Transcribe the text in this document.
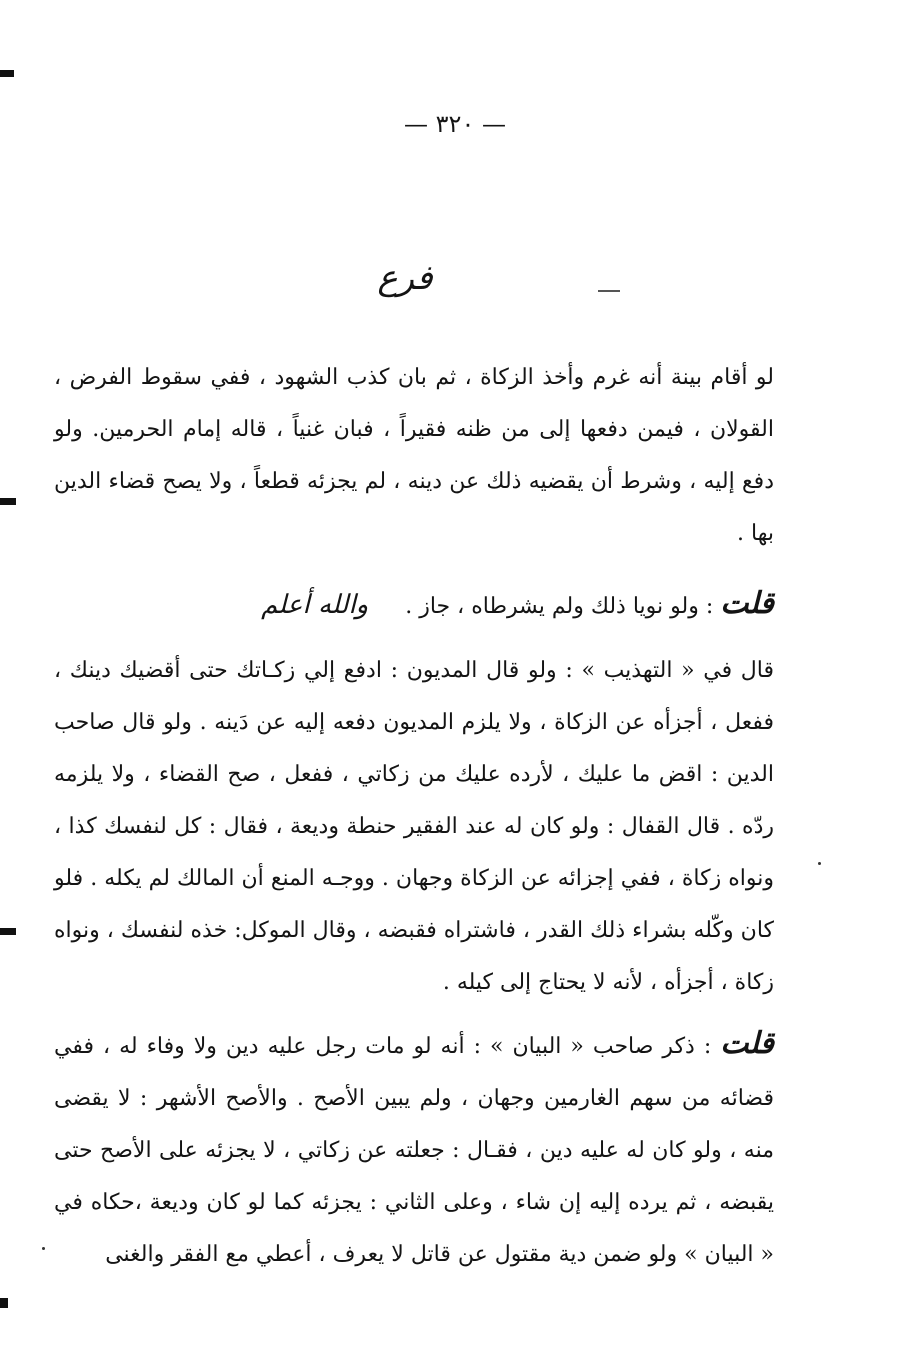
— ٣٢٠ —
فرع
لو أقام بينة أنه غرم وأخذ الزكاة ، ثم بان كذب الشهود ، ففي سقوط الفرض ، القولان ، فيمن دفعها إلى من ظنه فقيراً ، فبان غنياً ، قاله إمام الحرمين. ولو دفع إليه ، وشرط أن يقضيه ذلك عن دينه ، لم يجزئه قطعاً ، ولا يصح قضاء الدين بها .
قلت : ولو نويا ذلك ولم يشرطاه ، جاز . والله أعلم
قال في « التهذيب » : ولو قال المديون : ادفع إلي زكـاتك حتى أقضيك دينك ، ففعل ، أجزأه عن الزكاة ، ولا يلزم المديون دفعه إليه عن دَينه . ولو قال صاحب الدين : اقض ما عليك ، لأرده عليك من زكاتي ، ففعل ، صح القضاء ، ولا يلزمه ردّه . قال القفال : ولو كان له عند الفقير حنطة وديعة ، فقال : كل لنفسك كذا ، ونواه زكاة ، ففي إجزائه عن الزكاة وجهان . ووجـه المنع أن المالك لم يكله . فلو كان وكّله بشراء ذلك القدر ، فاشتراه فقبضه ، وقال الموكل: خذه لنفسك ، ونواه زكاة ، أجزأه ، لأنه لا يحتاج إلى كيله .
قلت : ذكر صاحب « البيان » : أنه لو مات رجل عليه دين ولا وفاء له ، ففي قضائه من سهم الغارمين وجهان ، ولم يبين الأصح . والأصح الأشهر : لا يقضى منه ، ولو كان له عليه دين ، فقـال : جعلته عن زكاتي ، لا يجزئه على الأصح حتى يقبضه ، ثم يرده إليه إن شاء ، وعلى الثاني : يجزئه كما لو كان وديعة ،حكاه في « البيان » ولو ضمن دية مقتول عن قاتل لا يعرف ، أعطي مع الفقر والغنى
